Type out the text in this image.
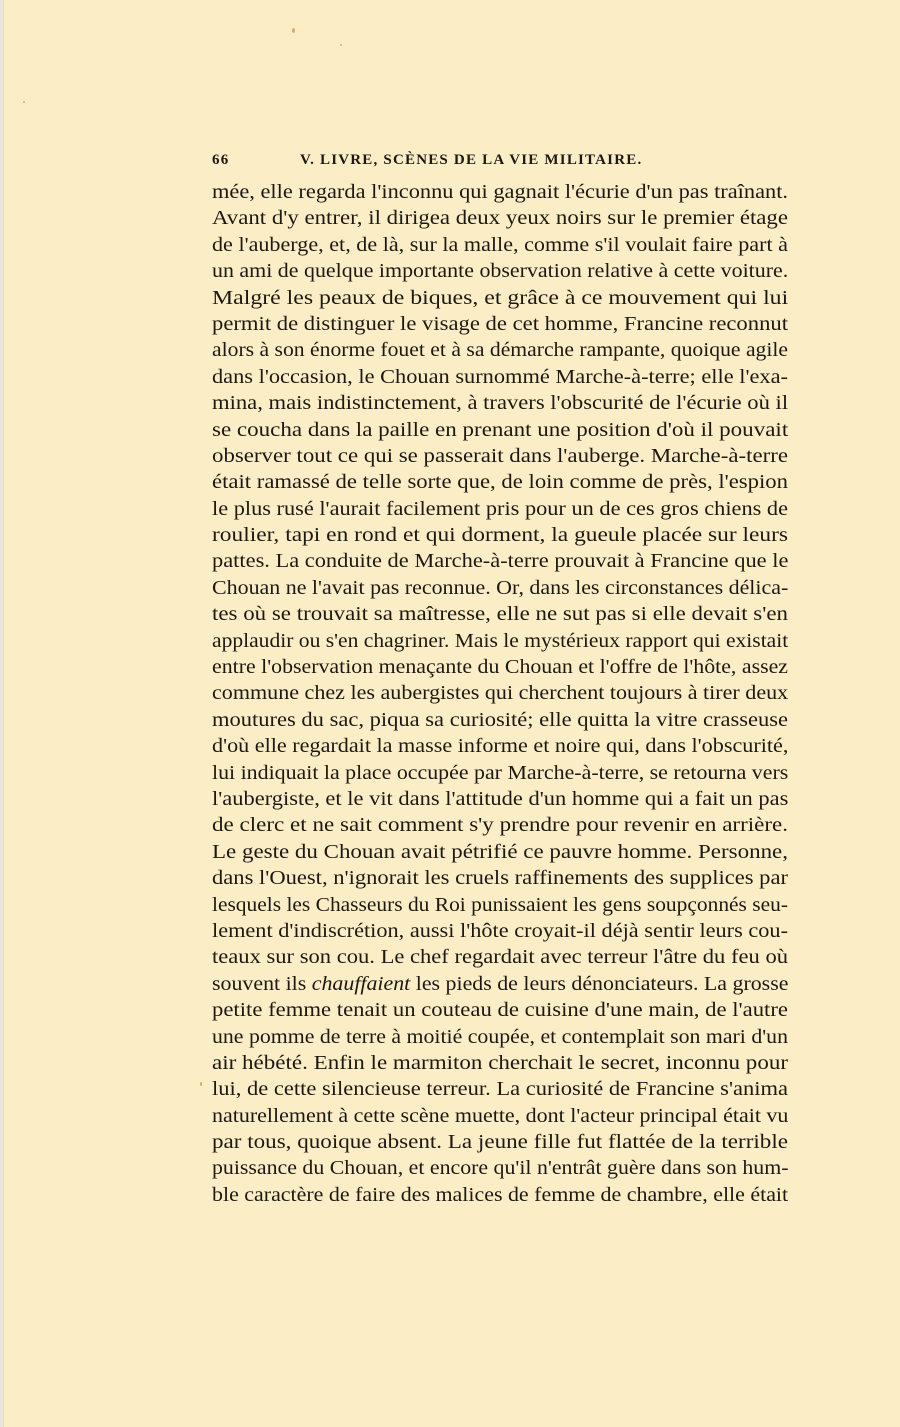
66	V. LIVRE, SCÈNES DE LA VIE MILITAIRE.
mée, elle regarda l'inconnu qui gagnait l'écurie d'un pas traînant.
Avant d'y entrer, il dirigea deux yeux noirs sur le premier étage
de l'auberge, et, de là, sur la malle, comme s'il voulait faire part à
un ami de quelque importante observation relative à cette voiture.
Malgré les peaux de biques, et grâce à ce mouvement qui lui
permit de distinguer le visage de cet homme, Francine reconnut
alors à son énorme fouet et à sa démarche rampante, quoique agile
dans l'occasion, le Chouan surnommé Marche-à-terre; elle l'exa-
mina, mais indistinctement, à travers l'obscurité de l'écurie où il
se coucha dans la paille en prenant une position d'où il pouvait
observer tout ce qui se passerait dans l'auberge. Marche-à-terre
était ramassé de telle sorte que, de loin comme de près, l'espion
le plus rusé l'aurait facilement pris pour un de ces gros chiens de
roulier, tapi en rond et qui dorment, la gueule placée sur leurs
pattes. La conduite de Marche-à-terre prouvait à Francine que le
Chouan ne l'avait pas reconnue. Or, dans les circonstances délica-
tes où se trouvait sa maîtresse, elle ne sut pas si elle devait s'en
applaudir ou s'en chagriner. Mais le mystérieux rapport qui existait
entre l'observation menaçante du Chouan et l'offre de l'hôte, assez
commune chez les aubergistes qui cherchent toujours à tirer deux
moutures du sac, piqua sa curiosité; elle quitta la vitre crasseuse
d'où elle regardait la masse informe et noire qui, dans l'obscurité,
lui indiquait la place occupée par Marche-à-terre, se retourna vers
l'aubergiste, et le vit dans l'attitude d'un homme qui a fait un pas
de clerc et ne sait comment s'y prendre pour revenir en arrière.
Le geste du Chouan avait pétrifié ce pauvre homme. Personne,
dans l'Ouest, n'ignorait les cruels raffinements des supplices par
lesquels les Chasseurs du Roi punissaient les gens soupçonnés seu-
lement d'indiscrétion, aussi l'hôte croyait-il déjà sentir leurs cou-
teaux sur son cou. Le chef regardait avec terreur l'âtre du feu où
souvent ils chauffaient les pieds de leurs dénonciateurs. La grosse
petite femme tenait un couteau de cuisine d'une main, de l'autre
une pomme de terre à moitié coupée, et contemplait son mari d'un
air hébété. Enfin le marmiton cherchait le secret, inconnu pour
lui, de cette silencieuse terreur. La curiosité de Francine s'anima
naturellement à cette scène muette, dont l'acteur principal était vu
par tous, quoique absent. La jeune fille fut flattée de la terrible
puissance du Chouan, et encore qu'il n'entrât guère dans son hum-
ble caractère de faire des malices de femme de chambre, elle était
